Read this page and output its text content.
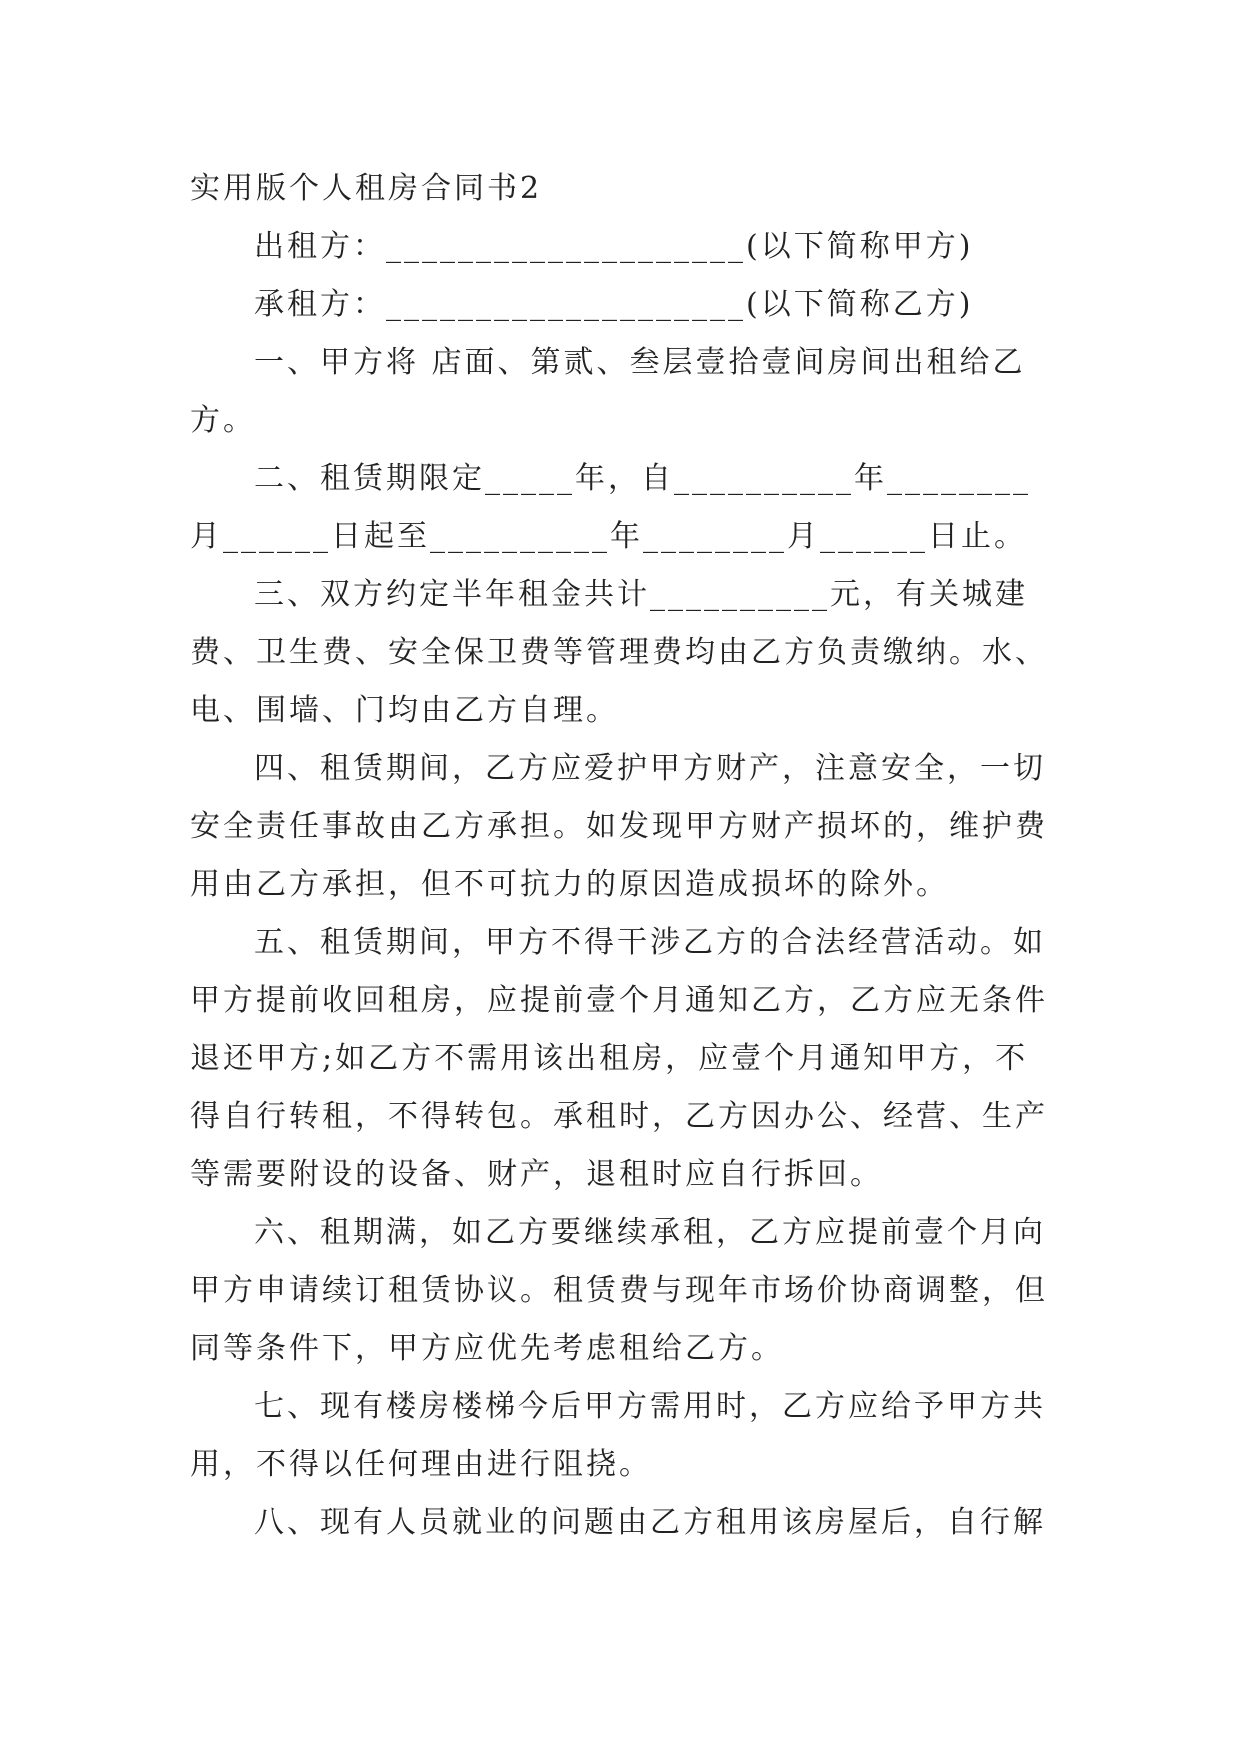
实用版个人租房合同书2

出租方：____________________(以下简称甲方)

承租方：____________________(以下简称乙方)

一、甲方将 店面、第贰、叁层壹拾壹间房间出租给乙方。

二、租赁期限定_____年，自__________年________月______日起至__________年________月______日止。

三、双方约定半年租金共计__________元，有关城建费、卫生费、安全保卫费等管理费均由乙方负责缴纳。水、电、围墙、门均由乙方自理。

四、租赁期间，乙方应爱护甲方财产，注意安全，一切安全责任事故由乙方承担。如发现甲方财产损坏的，维护费用由乙方承担，但不可抗力的原因造成损坏的除外。

五、租赁期间，甲方不得干涉乙方的合法经营活动。如甲方提前收回租房，应提前壹个月通知乙方，乙方应无条件退还甲方;如乙方不需用该出租房，应壹个月通知甲方，不得自行转租，不得转包。承租时，乙方因办公、经营、生产等需要附设的设备、财产，退租时应自行拆回。

六、租期满，如乙方要继续承租，乙方应提前壹个月向甲方申请续订租赁协议。租赁费与现年市场价协商调整，但同等条件下，甲方应优先考虑租给乙方。

七、现有楼房楼梯今后甲方需用时，乙方应给予甲方共用，不得以任何理由进行阻挠。

八、现有人员就业的问题由乙方租用该房屋后，自行解
